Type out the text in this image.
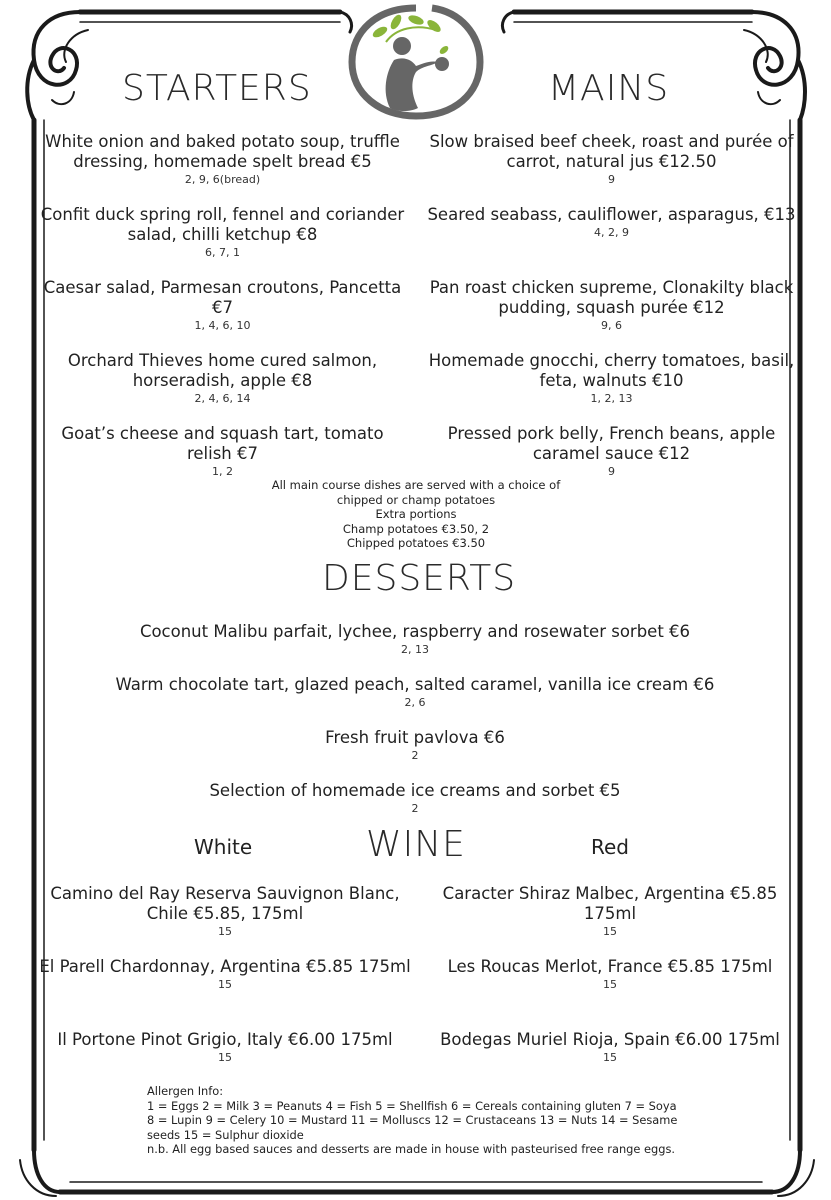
STARTERS	MAINS
White onion and baked potato soup, truffle dressing, homemade spelt bread €5
2, 9, 6(bread)
Confit duck spring roll, fennel and coriander salad, chilli ketchup €8
6, 7, 1
Caesar salad, Parmesan croutons, Pancetta €7
1, 4, 6, 10
Orchard Thieves home cured salmon, horseradish, apple €8
2, 4, 6, 14
Goat’s cheese and squash tart, tomato relish €7
1, 2
Slow braised beef cheek, roast and purée of carrot, natural jus €12.50
9
Seared seabass, cauliflower, asparagus, €13
4, 2, 9
Pan roast chicken supreme, Clonakilty black pudding, squash purée €12
9, 6
Homemade gnocchi, cherry tomatoes, basil, feta, walnuts €10
1, 2, 13
Pressed pork belly, French beans, apple caramel sauce €12
9
All main course dishes are served with a choice of
chipped or champ potatoes
Extra portions
Champ potatoes €3.50, 2
Chipped potatoes €3.50
DESSERTS
Coconut Malibu parfait, lychee, raspberry and rosewater sorbet €6
2, 13
Warm chocolate tart, glazed peach, salted caramel, vanilla ice cream €6
2, 6
Fresh fruit pavlova €6
2
Selection of homemade ice creams and sorbet €5
2
White	WINE	Red
Camino del Ray Reserva Sauvignon Blanc, Chile €5.85, 175ml
15
El Parell Chardonnay, Argentina €5.85 175ml
15
Il Portone Pinot Grigio, Italy €6.00 175ml
15
Caracter Shiraz Malbec, Argentina €5.85 175ml
15
Les Roucas Merlot, France €5.85 175ml
15
Bodegas Muriel Rioja, Spain €6.00 175ml
15
Allergen Info:
1 = Eggs 2 = Milk 3 = Peanuts 4 = Fish 5 = Shellfish 6 = Cereals containing gluten 7 = Soya 8 = Lupin 9 = Celery 10 = Mustard 11 = Molluscs 12 = Crustaceans 13 = Nuts 14 = Sesame seeds 15 = Sulphur dioxide
n.b. All egg based sauces and desserts are made in house with pasteurised free range eggs.
